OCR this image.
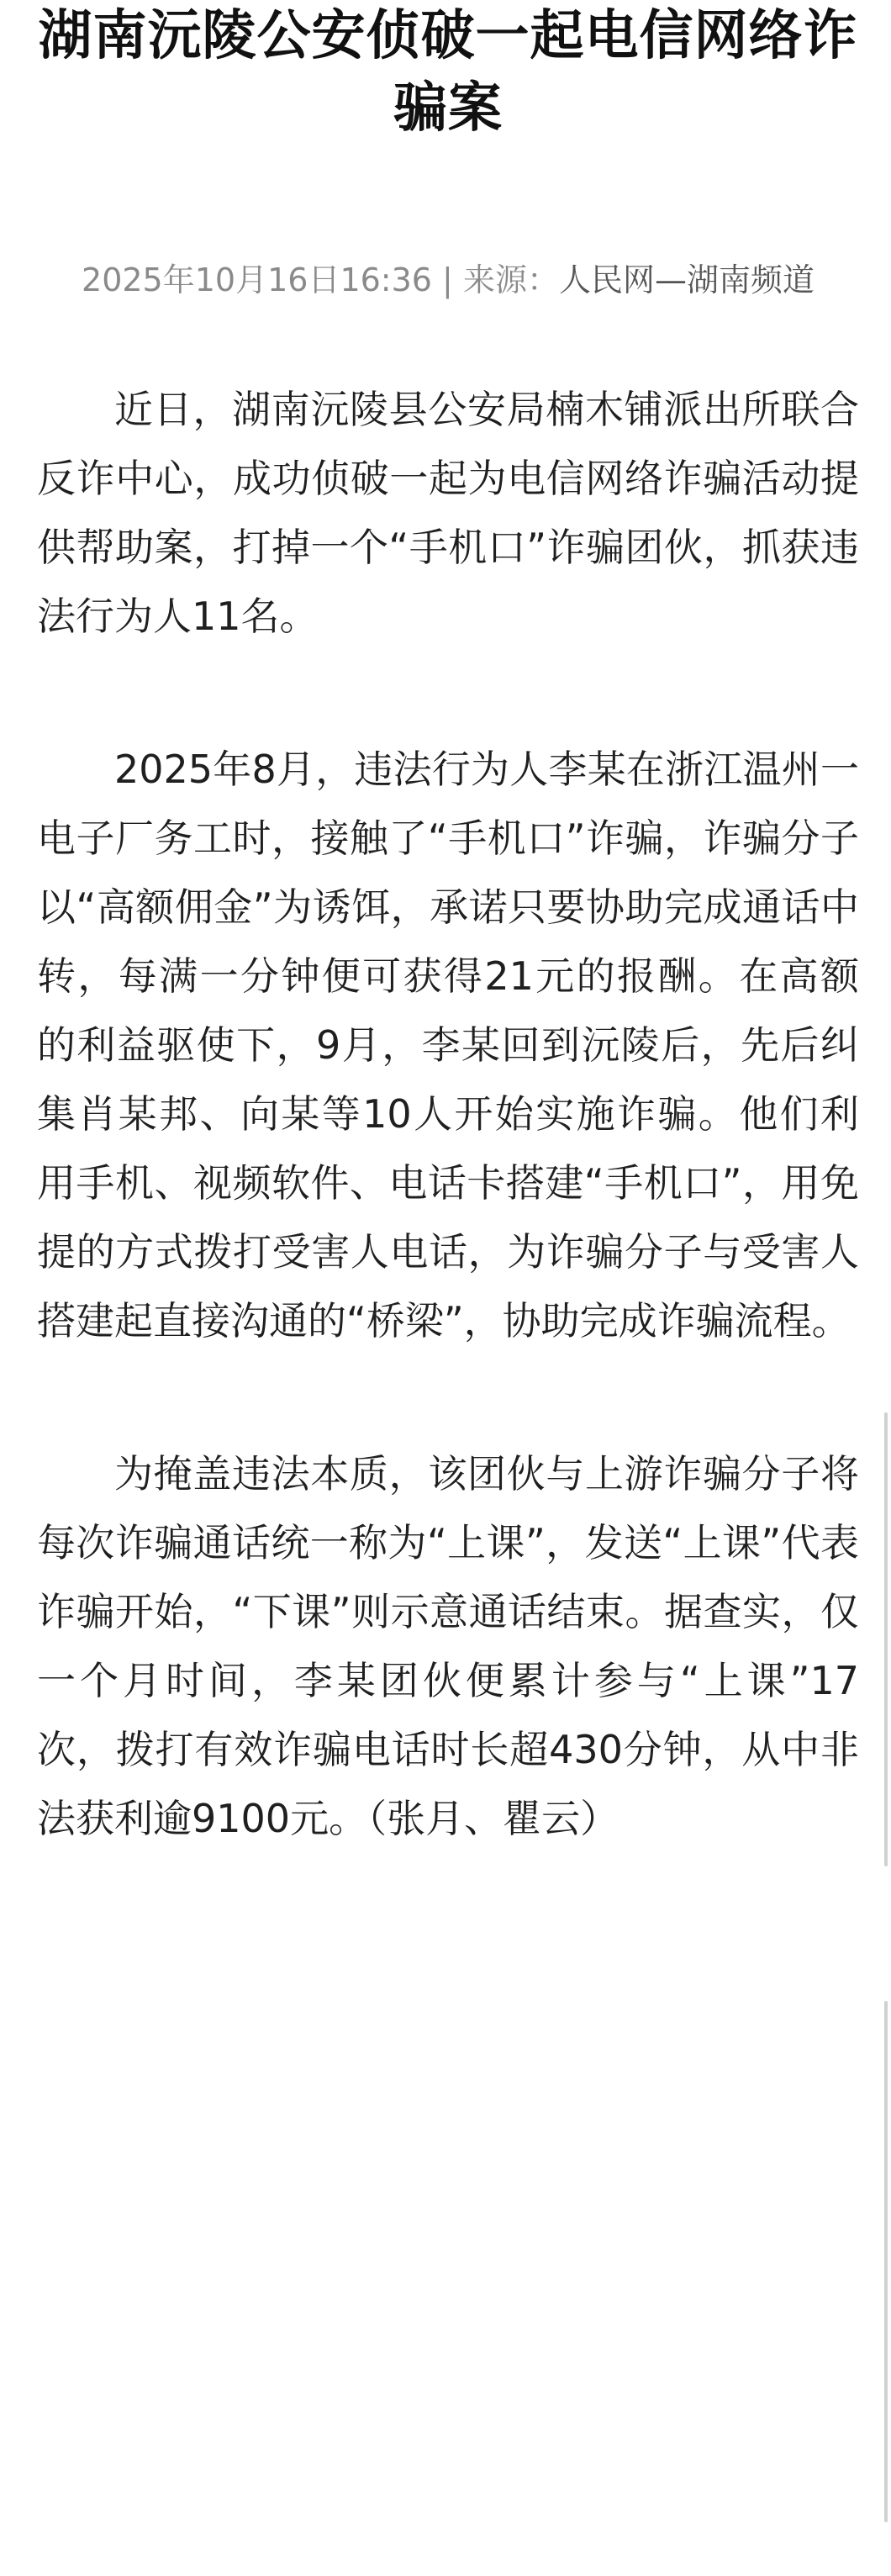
湖南沅陵公安侦破一起电信网络诈骗案
2025年10月16日16:36 | 来源：人民网—湖南频道

近日，湖南沅陵县公安局楠木铺派出所联合反诈中心，成功侦破一起为电信网络诈骗活动提供帮助案，打掉一个“手机口”诈骗团伙，抓获违法行为人11名。

2025年8月，违法行为人李某在浙江温州一电子厂务工时，接触了“手机口”诈骗，诈骗分子以“高额佣金”为诱饵，承诺只要协助完成通话中转，每满一分钟便可获得21元的报酬。在高额的利益驱使下，9月，李某回到沅陵后，先后纠集肖某邦、向某等10人开始实施诈骗。他们利用手机、视频软件、电话卡搭建“手机口”，用免提的方式拨打受害人电话，为诈骗分子与受害人搭建起直接沟通的“桥梁”，协助完成诈骗流程。

为掩盖违法本质，该团伙与上游诈骗分子将每次诈骗通话统一称为“上课”，发送“上课”代表诈骗开始，“下课”则示意通话结束。据查实，仅一个月时间，李某团伙便累计参与“上课”17次，拨打有效诈骗电话时长超430分钟，从中非法获利逾9100元。（张月、瞿云）
